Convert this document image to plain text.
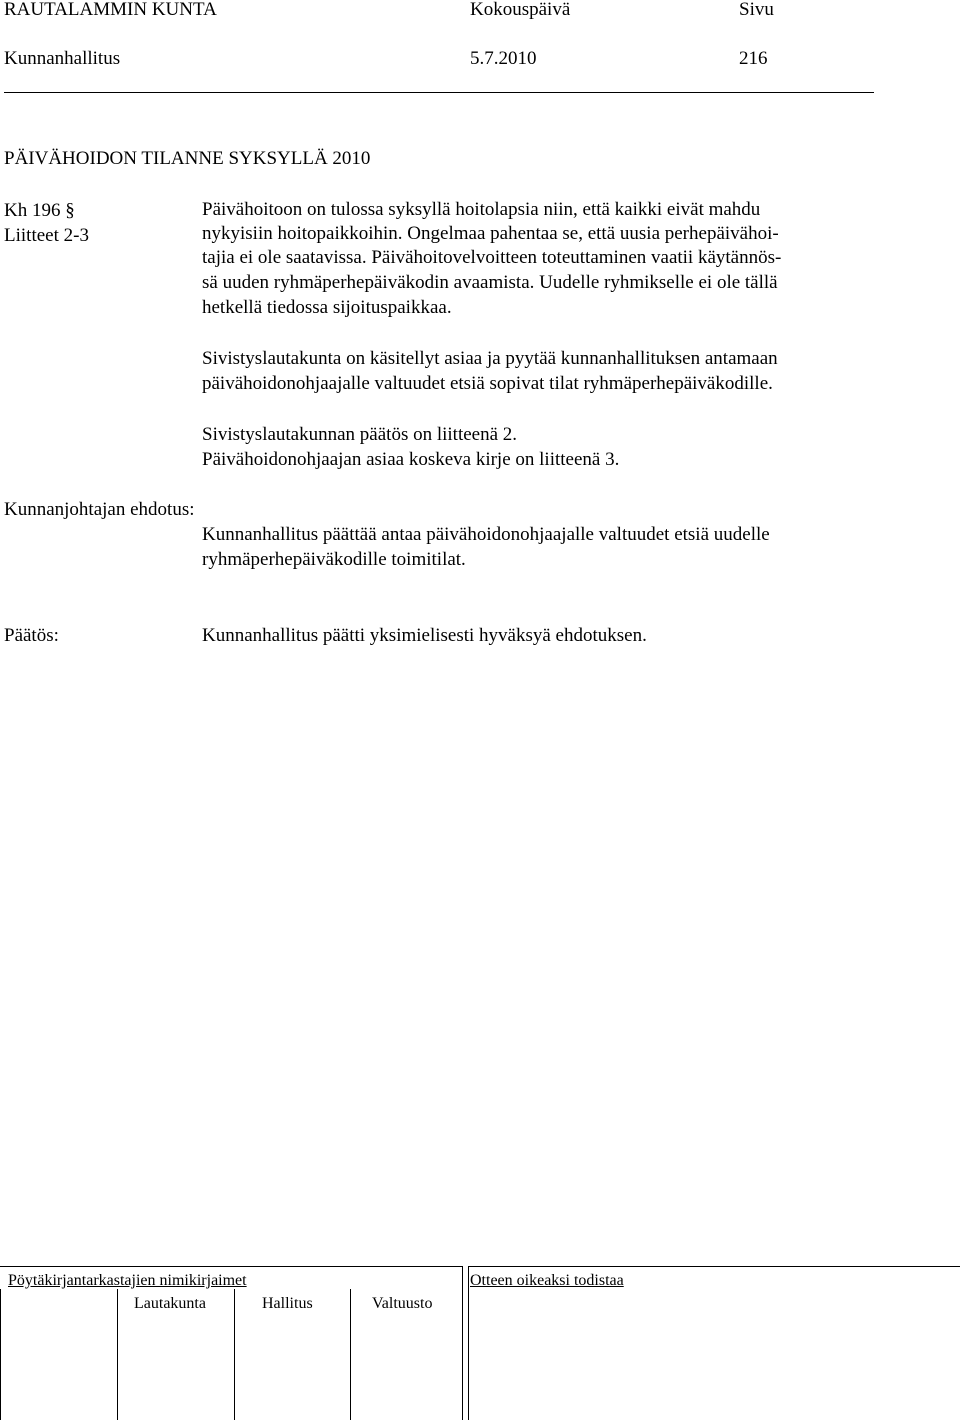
RAUTALAMMIN KUNTA	Kokouspäivä	Sivu
Kunnanhallitus	5.7.2010	216
PÄIVÄHOIDON TILANNE SYKSYLLÄ 2010
Kh 196 §
Liitteet 2-3
Päivähoitoon on tulossa syksyllä hoitolapsia niin, että kaikki eivät mahdu
nykyisiin hoitopaikkoihin. Ongelmaa pahentaa se, että uusia perhepäivähoi-
tajia ei ole saatavissa. Päivähoitovelvoitteen toteuttaminen vaatii käytännös-
sä uuden ryhmäperhepäiväkodin avaamista. Uudelle ryhmikselle ei ole tällä
hetkellä tiedossa sijoituspaikkaa.
Sivistyslautakunta on käsitellyt asiaa ja pyytää kunnanhallituksen antamaan
päivähoidonohjaajalle valtuudet etsiä sopivat tilat ryhmäperhepäiväkodille.
Sivistyslautakunnan päätös on liitteenä 2.
Päivähoidonohjaajan asiaa koskeva kirje on liitteenä 3.
Kunnanjohtajan ehdotus:
Kunnanhallitus päättää antaa päivähoidonohjaajalle valtuudet etsiä uudelle
ryhmäperhepäiväkodille toimitilat.
Päätös:	Kunnanhallitus päätti yksimielisesti hyväksyä ehdotuksen.
Pöytäkirjantarkastajien nimikirjaimet	Otteen oikeaksi todistaa
Lautakunta	Hallitus	Valtuusto
